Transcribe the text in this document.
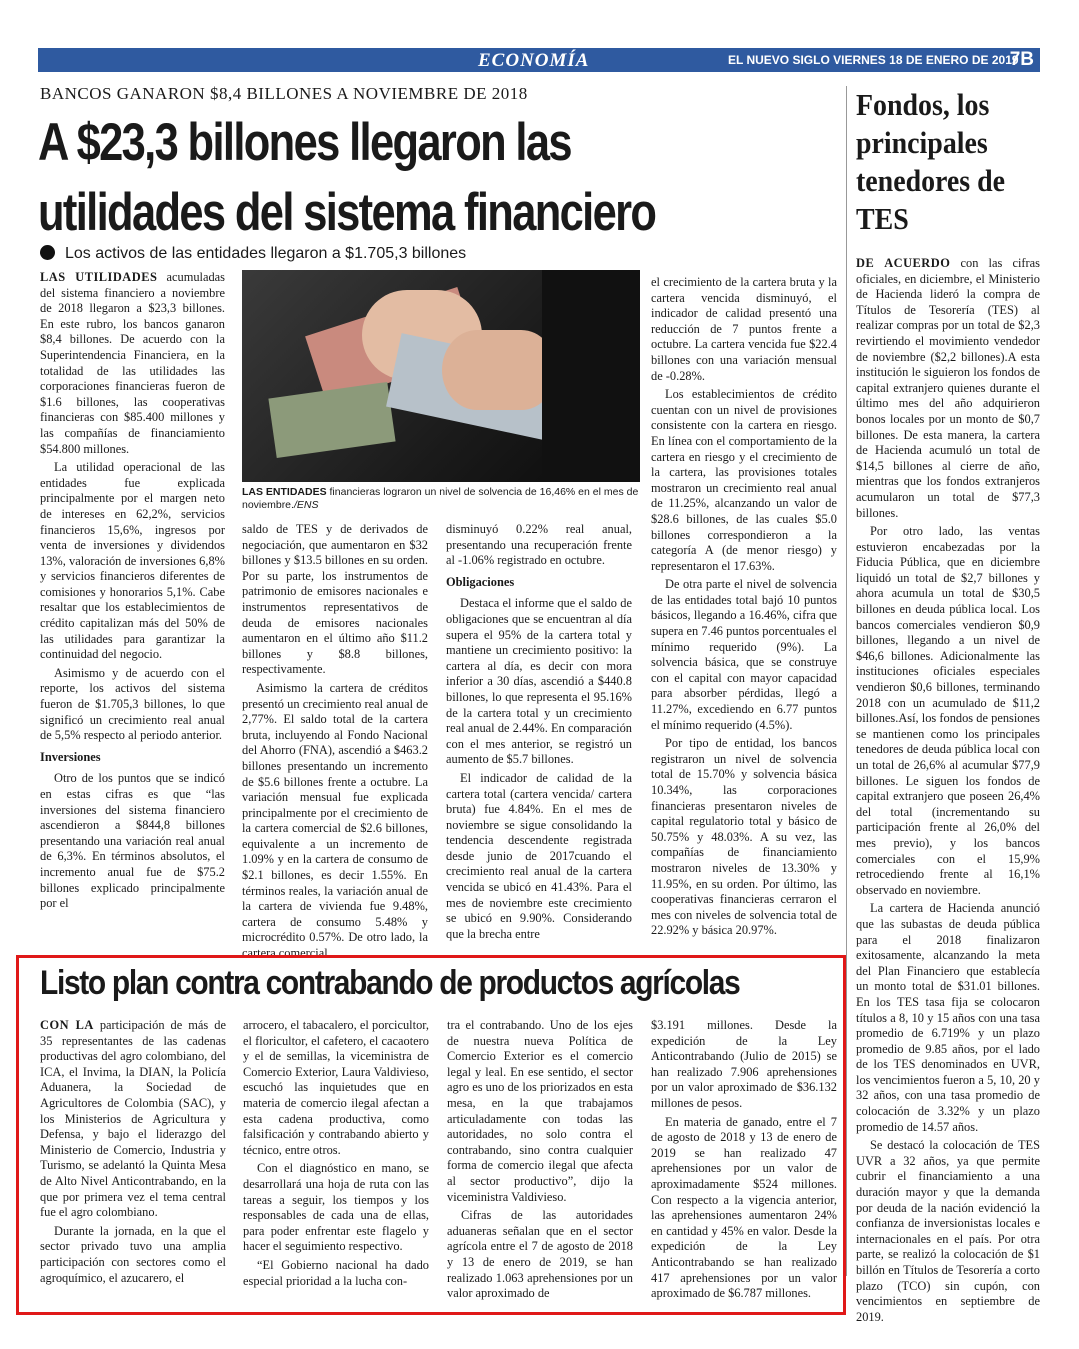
ECONOMÍA	EL NUEVO SIGLO VIERNES 18 DE ENERO DE 2019
7B
BANCOS GANARON $8,4 BILLONES A NOVIEMBRE DE 2018
A $23,3 billones llegaron las
utilidades del sistema financiero
Los activos de las entidades llegaron a $1.705,3 billones

LAS UTILIDADES acumuladas del sistema financiero a noviembre de 2018 llegaron a $23,3 billones. En este rubro, los bancos ganaron $8,4 billones. De acuerdo con la Superintendencia Financiera, en la totalidad de las utilidades las corporaciones financieras fueron de $1.6 billones, las cooperativas financieras con $85.400 millones y las compañías de financiamiento $54.800 millones.

La utilidad operacional de las entidades fue explicada principalmente por el margen neto de intereses en 62,2%, servicios financieros 15,6%, ingresos por venta de inversiones y dividendos 13%, valoración de inversiones 6,8% y servicios financieros diferentes de comisiones y honorarios 5,1%. Cabe resaltar que los establecimientos de crédito capitalizan más del 50% de las utilidades para garantizar la continuidad del negocio.

Asimismo y de acuerdo con el reporte, los activos del sistema fueron de $1.705,3 billones, lo que significó un crecimiento real anual de 5,5% respecto al periodo anterior.

Inversiones

Otro de los puntos que se indicó en estas cifras es que “las inversiones del sistema financiero ascendieron a $844,8 billones presentando una variación real anual de 6,3%. En términos absolutos, el incremento anual fue de $75.2 billones explicado principalmente por el

LAS ENTIDADES financieras lograron un nivel de solvencia de 16,46% en el mes de noviembre./ENS

saldo de TES y de derivados de negociación, que aumentaron en $32 billones y $13.5 billones en su orden. Por su parte, los instrumentos de patrimonio de emisores nacionales e instrumentos representativos de deuda de emisores nacionales aumentaron en el último año $11.2 billones y $8.8 billones, respectivamente.

Asimismo la cartera de créditos presentó un crecimiento real anual de 2,77%. El saldo total de la cartera bruta, incluyendo al Fondo Nacional del Ahorro (FNA), ascendió a $463.2 billones presentando un incremento de $5.6 billones frente a octubre. La variación mensual fue explicada principalmente por el crecimiento de la cartera comercial de $2.6 billones, equivalente a un incremento de 1.09% y en la cartera de consumo de $2.1 billones, es decir 1.55%. En términos reales, la variación anual de la cartera de vivienda fue 9.48%, cartera de consumo 5.48% y microcrédito 0.57%. De otro lado, la cartera comercial

disminuyó 0.22% real anual, presentando una recuperación frente al -1.06% registrado en octubre.

Obligaciones

Destaca el informe que el saldo de obligaciones que se encuentran al día supera el 95% de la cartera total y mantiene un crecimiento positivo: la cartera al día, es decir con mora inferior a 30 días, ascendió a $440.8 billones, lo que representa el 95.16% de la cartera total y un crecimiento real anual de 2.44%. En comparación con el mes anterior, se registró un aumento de $5.7 billones.

El indicador de calidad de la cartera total (cartera vencida/ cartera bruta) fue 4.84%. En el mes de noviembre se sigue consolidando la tendencia descendente registrada desde junio de 2017cuando el crecimiento real anual de la cartera vencida se ubicó en 41.43%. Para el mes de noviembre este crecimiento se ubicó en 9.90%. Considerando que la brecha entre

el crecimiento de la cartera bruta y la cartera vencida disminuyó, el indicador de calidad presentó una reducción de 7 puntos frente a octubre. La cartera vencida fue $22.4 billones con una variación mensual de -0.28%.

Los establecimientos de crédito cuentan con un nivel de provisiones consistente con la cartera en riesgo. En línea con el comportamiento de la cartera en riesgo y el crecimiento de la cartera, las provisiones totales mostraron un crecimiento real anual de 11.25%, alcanzando un valor de $28.6 billones, de las cuales $5.0 billones correspondieron a la categoría A (de menor riesgo) y representaron el 17.63%.

De otra parte el nivel de solvencia de las entidades total bajó 10 puntos básicos, llegando a 16.46%, cifra que supera en 7.46 puntos porcentuales el mínimo requerido (9%). La solvencia básica, que se construye con el capital con mayor capacidad para absorber pérdidas, llegó a 11.27%, excediendo en 6.77 puntos el mínimo requerido (4.5%).

Por tipo de entidad, los bancos registraron un nivel de solvencia total de 15.70% y solvencia básica 10.34%, las corporaciones financieras presentaron niveles de capital regulatorio total y básico de 50.75% y 48.03%. A su vez, las compañías de financiamiento mostraron niveles de 13.30% y 11.95%, en su orden. Por último, las cooperativas financieras cerraron el mes con niveles de solvencia total de 22.92% y básica 20.97%.

Fondos, los principales tenedores de TES

DE ACUERDO con las cifras oficiales, en diciembre, el Ministerio de Hacienda lideró la compra de Títulos de Tesorería (TES) al realizar compras por un total de $2,3 revirtiendo el movimiento vendedor de noviembre ($2,2 billones).A esta institución le siguieron los fondos de capital extranjero quienes durante el último mes del año adquirieron bonos locales por un monto de $0,7 billones. De esta manera, la cartera de Hacienda acumuló un total de $14,5 billones al cierre de año, mientras que los fondos extranjeros acumularon un total de $77,3 billones.

Por otro lado, las ventas estuvieron encabezadas por la Fiducia Pública, que en diciembre liquidó un total de $2,7 billones y ahora acumula un total de $30,5 billones en deuda pública local. Los bancos comerciales vendieron $0,9 billones, llegando a un nivel de $46,6 billones. Adicionalmente las instituciones oficiales especiales vendieron $0,6 billones, terminando 2018 con un acumulado de $11,2 billones.Así, los fondos de pensiones se mantienen como los principales tenedores de deuda pública local con un total de 26,6% al acumular $77,9 billones. Le siguen los fondos de capital extranjero que poseen 26,4% del total (incrementando su participación frente al 26,0% del mes previo), y los bancos comerciales con el 15,9% retrocediendo frente al 16,1% observado en noviembre.

La cartera de Hacienda anunció que las subastas de deuda pública para el 2018 finalizaron exitosamente, alcanzando la meta del Plan Financiero que establecía un monto total de $31.01 billones. En los TES tasa fija se colocaron títulos a 8, 10 y 15 años con una tasa promedio de 6.719% y un plazo promedio de 9.85 años, por el lado de los TES denominados en UVR, los vencimientos fueron a 5, 10, 20 y 32 años, con una tasa promedio de colocación de 3.32% y un plazo promedio de 14.57 años.

Se destacó la colocación de TES UVR a 32 años, ya que permite cubrir el financiamiento a una duración mayor y que la demanda por deuda de la nación evidenció la confianza de inversionistas locales e internacionales en el país. Por otra parte, se realizó la colocación de $1 billón en Títulos de Tesorería a corto plazo (TCO) sin cupón, con vencimientos en septiembre de 2019.

Listo plan contra contrabando de productos agrícolas

CON LA participación de más de 35 representantes de las cadenas productivas del agro colombiano, del ICA, el Invima, la DIAN, la Policía Aduanera, la Sociedad de Agricultores de Colombia (SAC), y los Ministerios de Agricultura y Defensa, y bajo el liderazgo del Ministerio de Comercio, Industria y Turismo, se adelantó la Quinta Mesa de Alto Nivel Anticontrabando, en la que por primera vez el tema central fue el agro colombiano.

Durante la jornada, en la que el sector privado tuvo una amplia participación con sectores como el agroquímico, el azucarero, el

arrocero, el tabacalero, el porcicultor, el floricultor, el cafetero, el cacaotero y el de semillas, la viceministra de Comercio Exterior, Laura Valdivieso, escuchó las inquietudes que en materia de comercio ilegal afectan a esta cadena productiva, como falsificación y contrabando abierto y técnico, entre otros.

Con el diagnóstico en mano, se desarrollará una hoja de ruta con las tareas a seguir, los tiempos y los responsables de cada una de ellas, para poder enfrentar este flagelo y hacer el seguimiento respectivo.

“El Gobierno nacional ha dado especial prioridad a la lucha con-

tra el contrabando. Uno de los ejes de nuestra nueva Política de Comercio Exterior es el comercio legal y leal. En ese sentido, el sector agro es uno de los priorizados en esta mesa, en la que trabajamos articuladamente con todas las autoridades, no solo contra el contrabando, sino contra cualquier forma de comercio ilegal que afecta al sector productivo”, dijo la viceministra Valdivieso.

Cifras de las autoridades aduaneras señalan que en el sector agrícola entre el 7 de agosto de 2018 y 13 de enero de 2019, se han realizado 1.063 aprehensiones por un valor aproximado de

$3.191 millones. Desde la expedición de la Ley Anticontrabando (Julio de 2015) se han realizado 7.906 aprehensiones por un valor aproximado de $36.132 millones de pesos.

En materia de ganado, entre el 7 de agosto de 2018 y 13 de enero de 2019 se han realizado 47 aprehensiones por un valor de aproximadamente $524 millones. Con respecto a la vigencia anterior, las aprehensiones aumentaron 24% en cantidad y 45% en valor. Desde la expedición de la Ley Anticontrabando se han realizado 417 aprehensiones por un valor aproximado de $6.787 millones.
